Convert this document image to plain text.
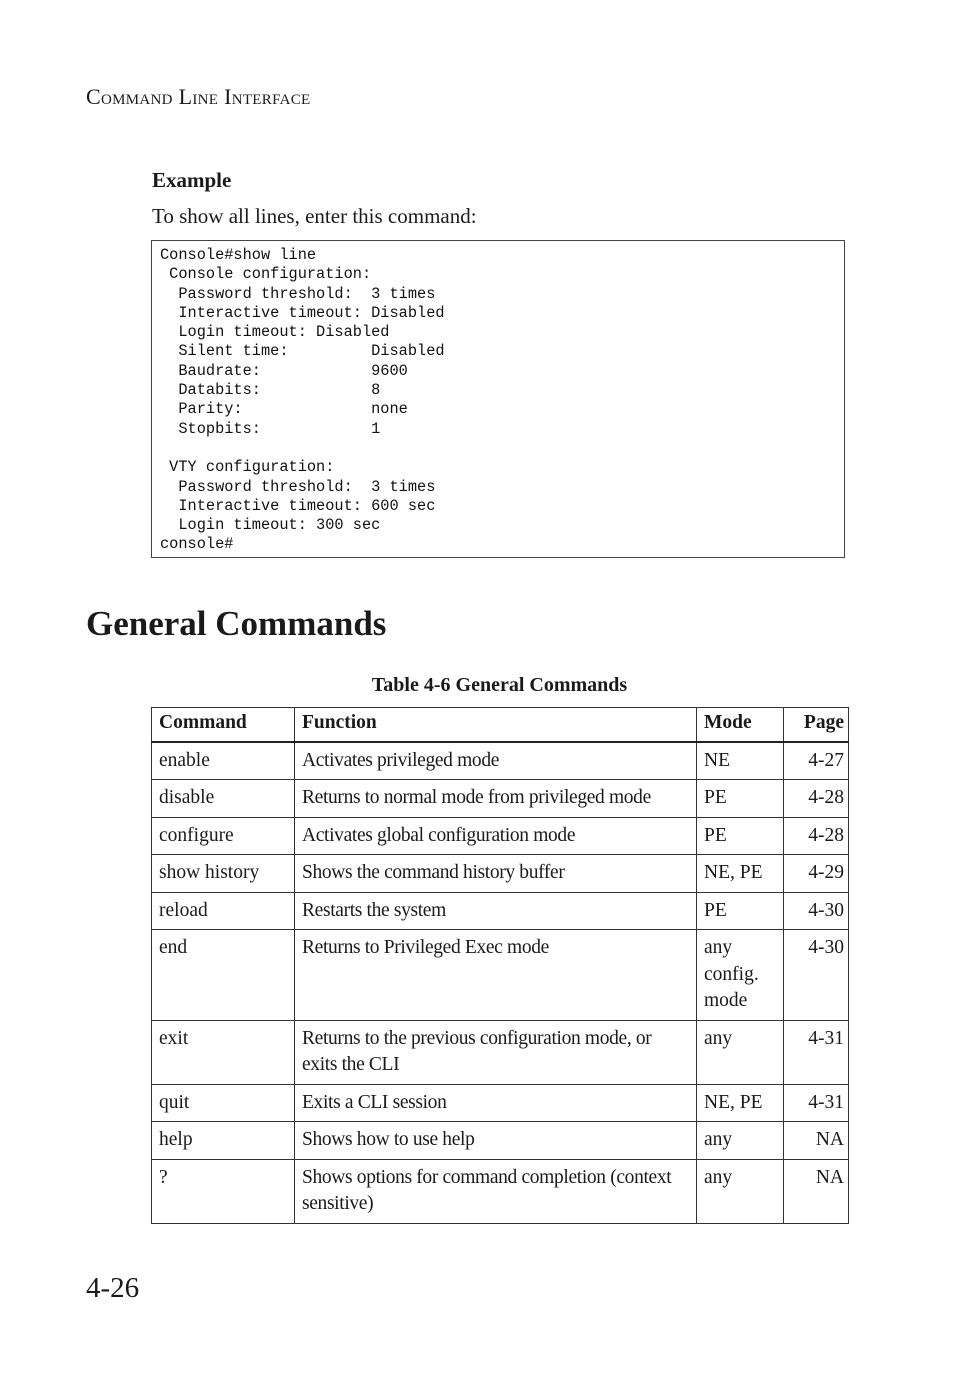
COMMAND LINE INTERFACE
Example
To show all lines, enter this command:
Console#show line
Console configuration:
Password threshold:  3 times
Interactive timeout: Disabled
Login timeout: Disabled
Silent time:         Disabled
Baudrate:            9600
Databits:            8
Parity:              none
Stopbits:            1

VTY configuration:
Password threshold:  3 times
Interactive timeout: 600 sec
Login timeout: 300 sec
console#
General Commands
Table 4-6 General Commands
Command	Function	Mode	Page
enable	Activates privileged mode	NE	4-27
disable	Returns to normal mode from privileged mode	PE	4-28
configure	Activates global configuration mode	PE	4-28
show history	Shows the command history buffer	NE, PE	4-29
reload	Restarts the system	PE	4-30
end	Returns to Privileged Exec mode	any config. mode	4-30
exit	Returns to the previous configuration mode, or exits the CLI	any	4-31
quit	Exits a CLI session	NE, PE	4-31
help	Shows how to use help	any	NA
?	Shows options for command completion (context sensitive)	any	NA
4-26
